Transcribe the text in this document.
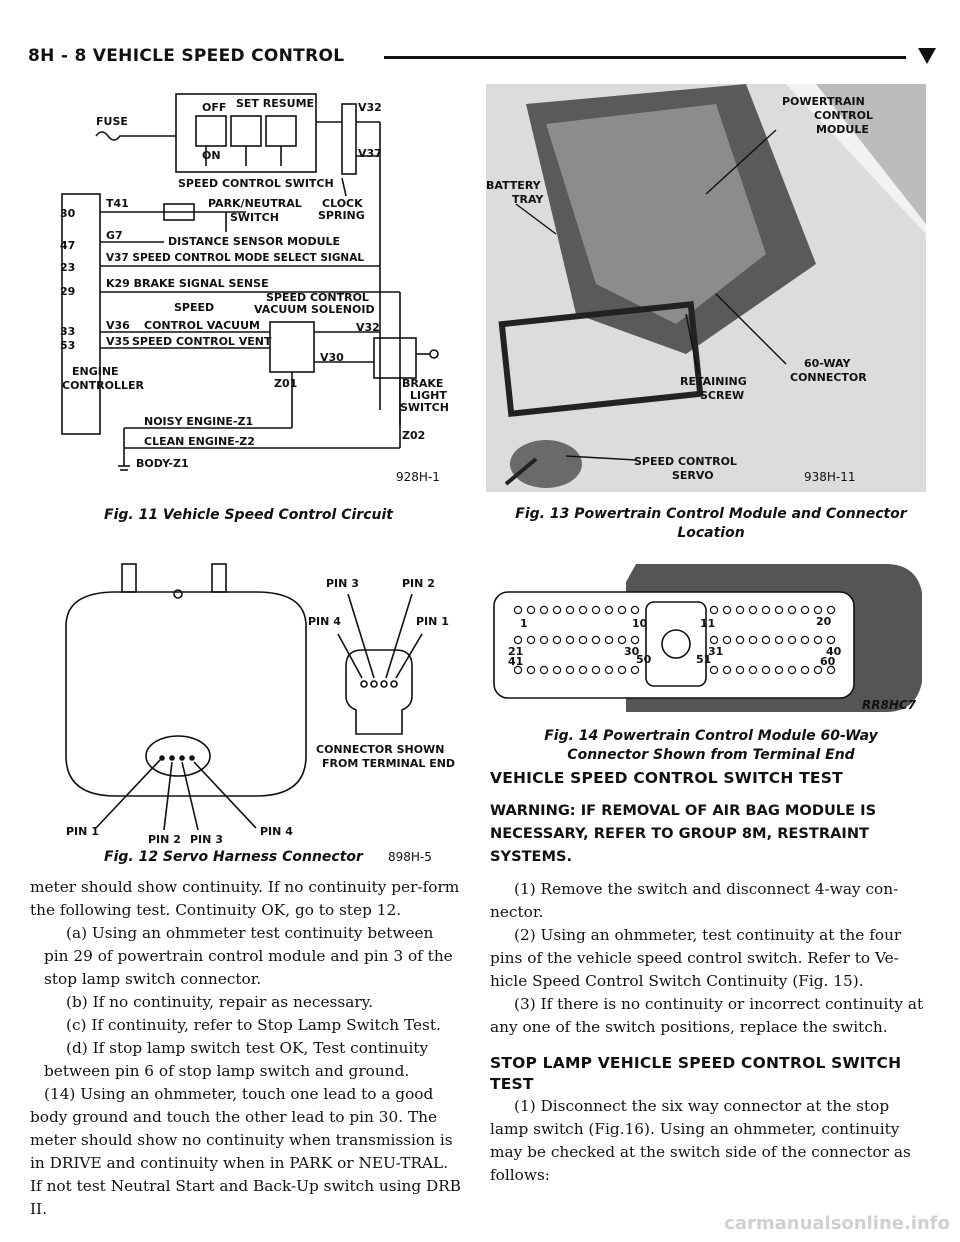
8H - 8 VEHICLE SPEED CONTROL
FUSE
OFF
ON
SET RESUME	V32
V37
SPEED CONTROL SWITCH
CLOCK
SPRING
30
T41	PARK/NEUTRAL
SWITCH
47
G7	DISTANCE SENSOR MODULE
23
V37 SPEED CONTROL MODE SELECT SIGNAL
29
K29 BRAKE SIGNAL SENSE
SPEED
SPEED CONTROL
VACUUM SOLENOID
33	V36 CONTROL VACUUM	V32
53	V35 SPEED CONTROL VENT
V30
ENGINE
CONTROLLER	Z01	BRAKE
LIGHT
SWITCH
NOISY ENGINE-Z1
CLEAN ENGINE-Z2	Z02
BODY-Z1
928H-1
Fig. 11 Vehicle Speed Control Circuit
POWERTRAIN
CONTROL
MODULE
BATTERY
TRAY
60-WAY
CONNECTOR
RETAINING
SCREW
SPEED CONTROL
SERVO	938H-11
Fig. 13 Powertrain Control Module and Connector
Location
PIN 3	PIN 2
PIN 4	PIN 1
CONNECTOR SHOWN
FROM TERMINAL END
PIN 1
PIN 2 PIN 3
PIN 4
Fig. 12 Servo Harness Connector 898H-5
1	10	11	20
21	30	31	40
41	50	51	60
RR8HC7
Fig. 14 Powertrain Control Module 60-Way
Connector Shown from Terminal End
meter should show continuity. If no continuity per-form the following test. Continuity OK, go to step 12.
(a) Using an ohmmeter test continuity between pin 29 of powertrain control module and pin 3 of the stop lamp switch connector.
(b) If no continuity, repair as necessary.
(c) If continuity, refer to Stop Lamp Switch Test.
(d) If stop lamp switch test OK, Test continuity between pin 6 of stop lamp switch and ground.
(14) Using an ohmmeter, touch one lead to a good body ground and touch the other lead to pin 30. The meter should show no continuity when transmission is in DRIVE and continuity when in PARK or NEU-TRAL. If not test Neutral Start and Back-Up switch using DRB II.
VEHICLE SPEED CONTROL SWITCH TEST
WARNING: IF REMOVAL OF AIR BAG MODULE IS NECESSARY, REFER TO GROUP 8M, RESTRAINT SYSTEMS.
(1) Remove the switch and disconnect 4-way con-nector.
(2) Using an ohmmeter, test continuity at the four pins of the vehicle speed control switch. Refer to Ve-hicle Speed Control Switch Continuity (Fig. 15).
(3) If there is no continuity or incorrect continuity at any one of the switch positions, replace the switch.
STOP LAMP VEHICLE SPEED CONTROL SWITCH
TEST
(1) Disconnect the six way connector at the stop lamp switch (Fig.16). Using an ohmmeter, continuity may be checked at the switch side of the connector as follows:
carmanualsonline.info
